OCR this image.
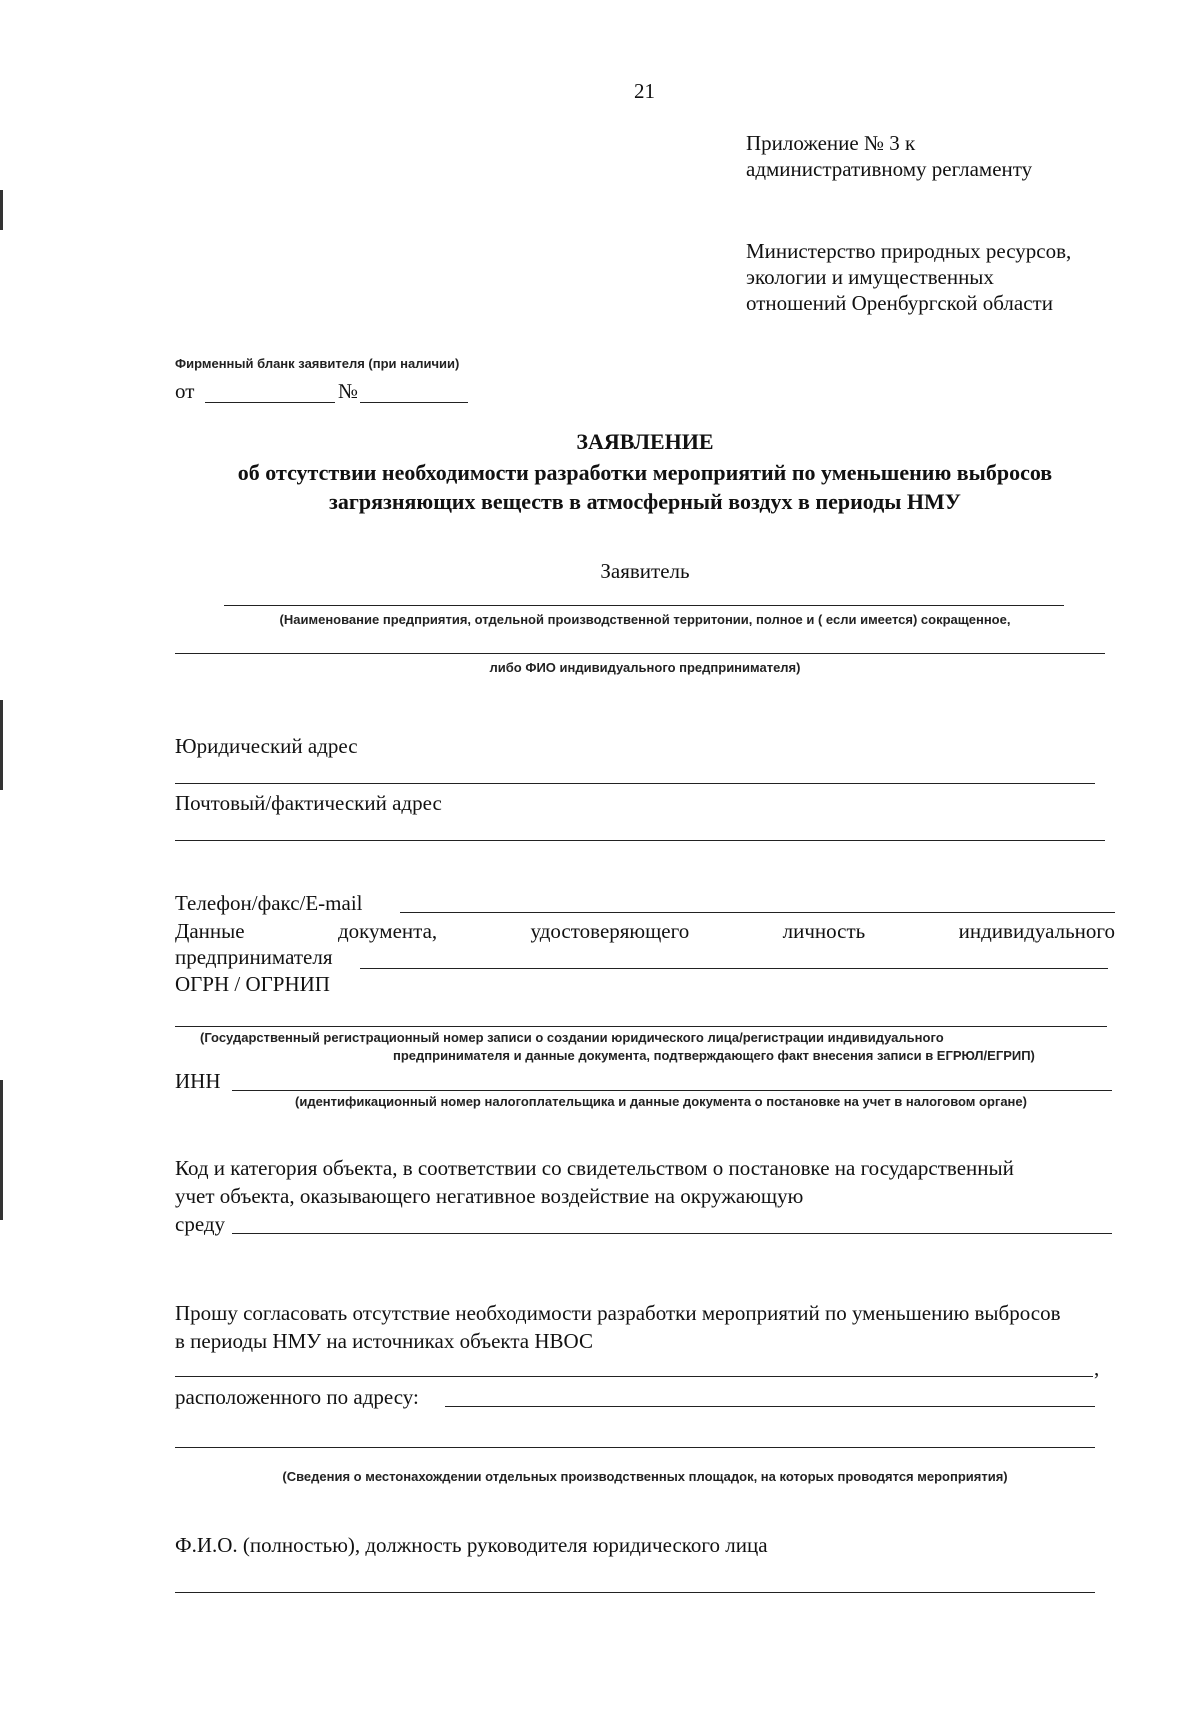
21
Приложение № 3 к
административному регламенту
Министерство природных ресурсов,
экологии и имущественных
отношений Оренбургской области
Фирменный бланк заявителя (при наличии)
от	№
ЗАЯВЛЕНИЕ
об отсутствии необходимости разработки мероприятий по уменьшению выбросов
загрязняющих веществ в атмосферный воздух в периоды НМУ
Заявитель
(Наименование предприятия, отдельной производственной территонии, полное и ( если имеется) сокращенное,
либо ФИО индивидуального предпринимателя)
Юридический адрес
Почтовый/фактический адрес
Телефон/факс/E-mail
Данные	документа,	удостоверяющего	личность	индивидуального
предпринимателя
ОГРН / ОГРНИП
(Государственный регистрационный номер записи о создании юридического лица/регистрации индивидуального
предпринимателя и данные документа, подтверждающего факт внесения записи в ЕГРЮЛ/ЕГРИП)
ИНН
(идентификационный номер налогоплательщика и данные документа о постановке на учет в налоговом органе)
Код и категория объекта, в соответствии со свидетельством о постановке на государственный
учет объекта, оказывающего негативное воздействие на окружающую
среду
Прошу согласовать отсутствие необходимости разработки мероприятий по уменьшению выбросов
в периоды НМУ на источниках объекта НВОС
,
расположенного по адресу:
(Сведения о местонахождении отдельных производственных площадок, на которых проводятся мероприятия)
Ф.И.О. (полностью), должность руководителя юридического лица
